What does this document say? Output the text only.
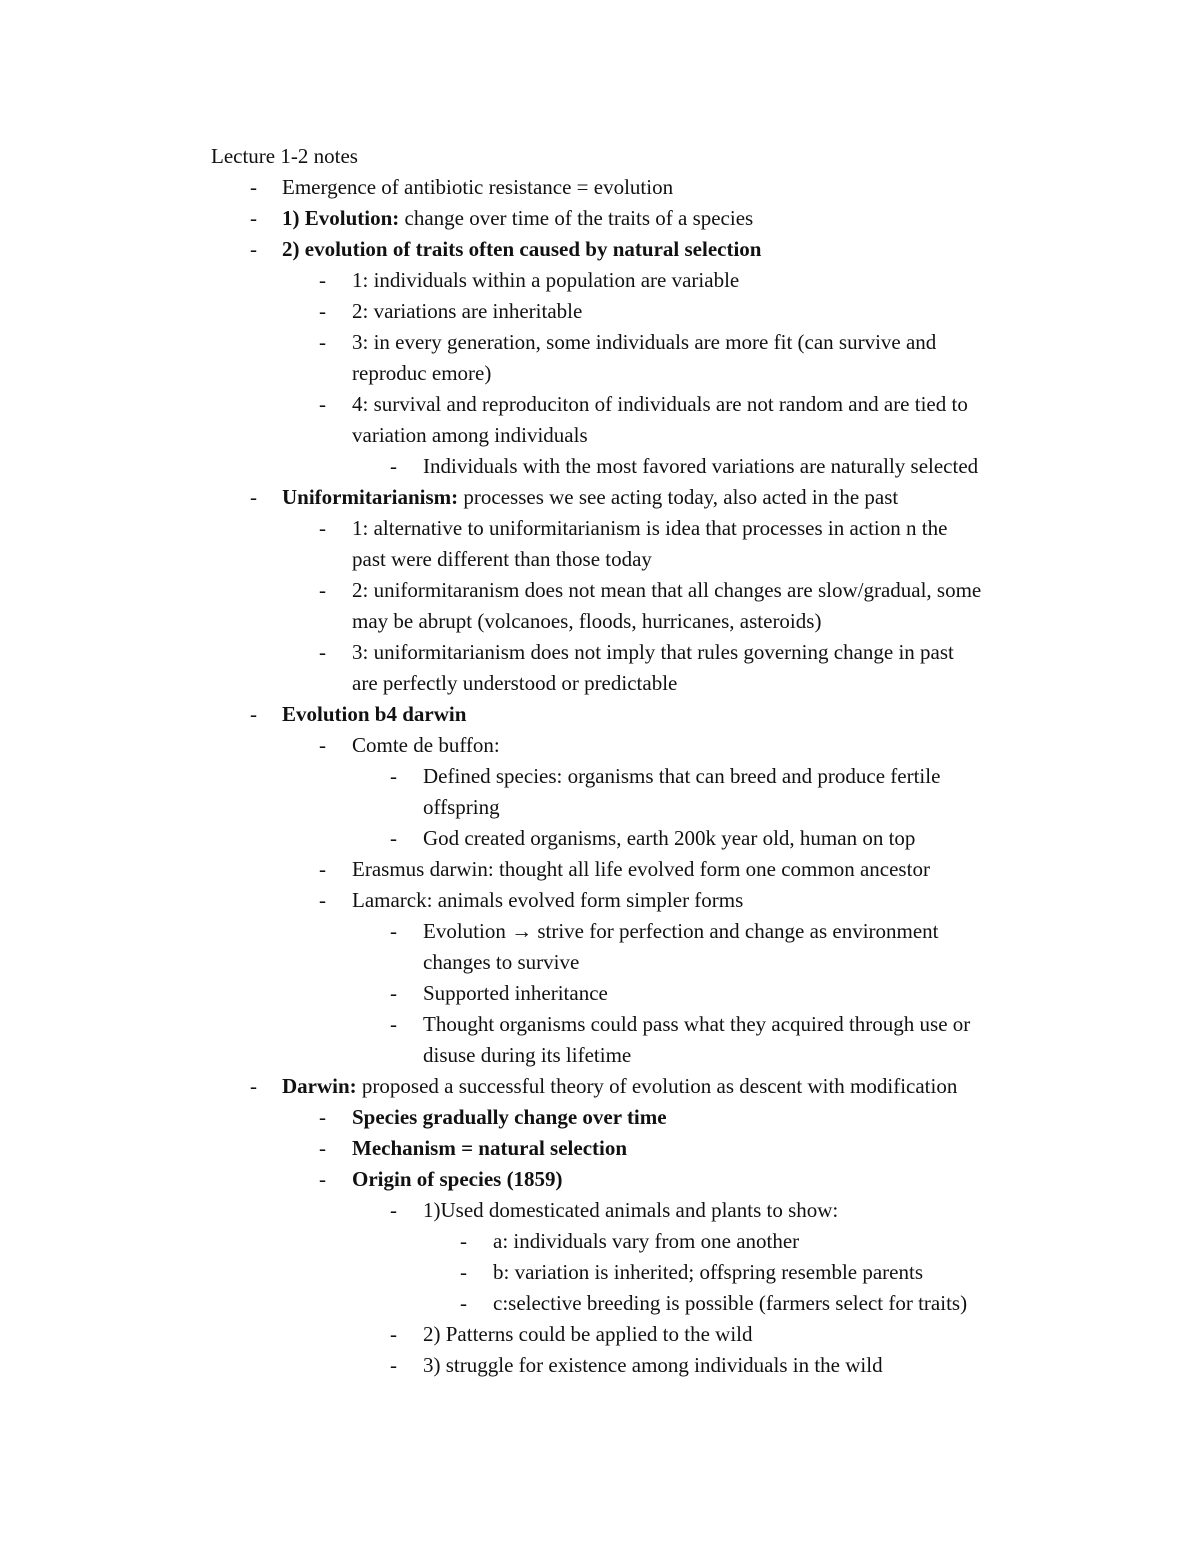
Lecture 1-2 notes
- Emergence of antibiotic resistance = evolution
- 1) Evolution: change over time of the traits of a species
- 2) evolution of traits often caused by natural selection
- 1: individuals within a population are variable
- 2: variations are inheritable
- 3: in every generation, some individuals are more fit (can survive and
reproduc emore)
- 4: survival and reproduciton of individuals are not random and are tied to
variation among individuals
- Individuals with the most favored variations are naturally selected
- Uniformitarianism: processes we see acting today, also acted in the past
- 1: alternative to uniformitarianism is idea that processes in action n the
past were different than those today
- 2: uniformitaranism does not mean that all changes are slow/gradual, some
may be abrupt (volcanoes, floods, hurricanes, asteroids)
- 3: uniformitarianism does not imply that rules governing change in past
are perfectly understood or predictable
- Evolution b4 darwin
- Comte de buffon:
- Defined species: organisms that can breed and produce fertile
offspring
- God created organisms, earth 200k year old, human on top
- Erasmus darwin: thought all life evolved form one common ancestor
- Lamarck: animals evolved form simpler forms
- Evolution → strive for perfection and change as environment
changes to survive
- Supported inheritance
- Thought organisms could pass what they acquired through use or
disuse during its lifetime
- Darwin: proposed a successful theory of evolution as descent with modification
- Species gradually change over time
- Mechanism = natural selection
- Origin of species (1859)
- 1)Used domesticated animals and plants to show:
- a: individuals vary from one another
- b: variation is inherited; offspring resemble parents
- c:selective breeding is possible (farmers select for traits)
- 2) Patterns could be applied to the wild
- 3) struggle for existence among individuals in the wild
